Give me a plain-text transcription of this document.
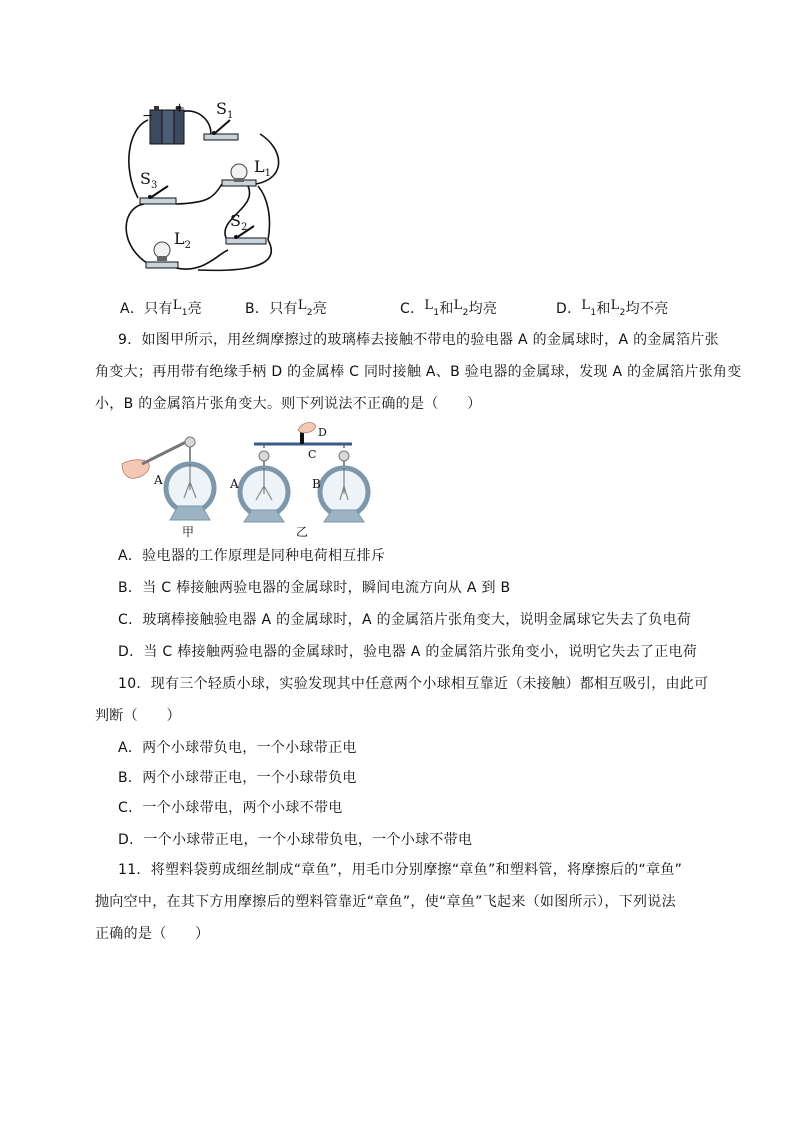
− + $S_1$
$L_1$
$S_3$
$S_2$
$L_2$
A．只有$L_1$亮	B．只有$L_2$亮	C．$L_1$和$L_2$均亮	D．$L_1$和$L_2$均不亮
9．如图甲所示，用丝绸摩擦过的玻璃棒去接触不带电的验电器 A 的金属球时，A 的金属箔片张
角变大；再用带有绝缘手柄 D 的金属棒 C 同时接触 A、B 验电器的金属球，发现 A 的金属箔片张角变
小，B 的金属箔片张角变大。则下列说法不正确的是（　　）
A
甲
D
C
A	B
乙
A．验电器的工作原理是同种电荷相互排斥
B．当 C 棒接触两验电器的金属球时，瞬间电流方向从 A 到 B
C．玻璃棒接触验电器 A 的金属球时，A 的金属箔片张角变大，说明金属球它失去了负电荷
D．当 C 棒接触两验电器的金属球时，验电器 A 的金属箔片张角变小，说明它失去了正电荷
10．现有三个轻质小球，实验发现其中任意两个小球相互靠近（未接触）都相互吸引，由此可
判断（　　）
A．两个小球带负电，一个小球带正电
B．两个小球带正电，一个小球带负电
C．一个小球带电，两个小球不带电
D．一个小球带正电，一个小球带负电，一个小球不带电
11．将塑料袋剪成细丝制成“章鱼”，用毛巾分别摩擦“章鱼”和塑料管，将摩擦后的“章鱼”
抛向空中，在其下方用摩擦后的塑料管靠近“章鱼”，使“章鱼”飞起来（如图所示），下列说法
正确的是（　　）
